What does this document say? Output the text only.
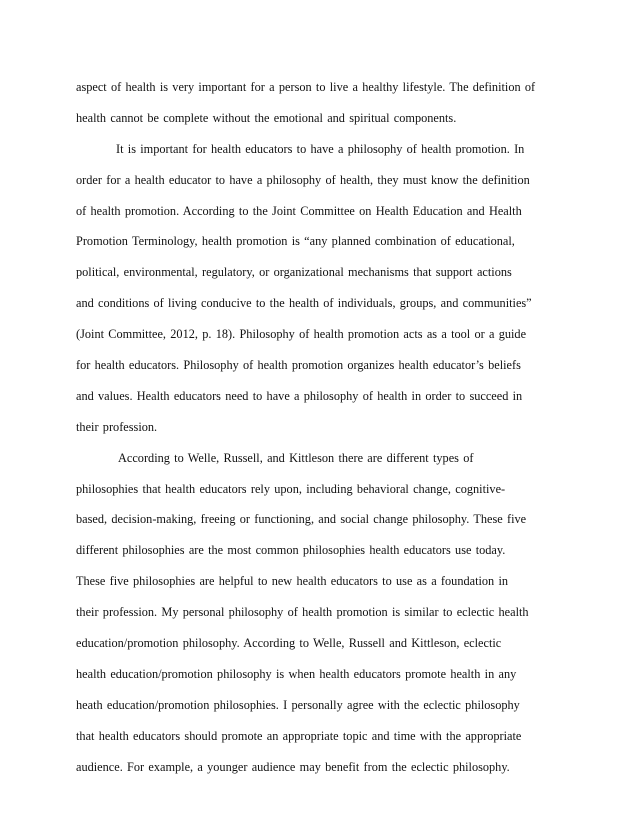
aspect of health is very important for a person to live a healthy lifestyle. The definition of
health cannot be complete without the emotional and spiritual components.
It is important for health educators to have a philosophy of health promotion. In
order for a health educator to have a philosophy of health, they must know the definition
of health promotion. According to the Joint Committee on Health Education and Health
Promotion Terminology, health promotion is “any planned combination of educational,
political, environmental, regulatory, or organizational mechanisms that support actions
and conditions of living conducive to the health of individuals, groups, and communities”
(Joint Committee, 2012, p. 18). Philosophy of health promotion acts as a tool or a guide
for health educators. Philosophy of health promotion organizes health educator’s beliefs
and values. Health educators need to have a philosophy of health in order to succeed in
their profession.
According to Welle, Russell, and Kittleson there are different types of
philosophies that health educators rely upon, including behavioral change, cognitive-
based, decision-making, freeing or functioning, and social change philosophy. These five
different philosophies are the most common philosophies health educators use today.
These five philosophies are helpful to new health educators to use as a foundation in
their profession. My personal philosophy of health promotion is similar to eclectic health
education/promotion philosophy. According to Welle, Russell and Kittleson, eclectic
health education/promotion philosophy is when health educators promote health in any
heath education/promotion philosophies. I personally agree with the eclectic philosophy
that health educators should promote an appropriate topic and time with the appropriate
audience. For example, a younger audience may benefit from the eclectic philosophy.
